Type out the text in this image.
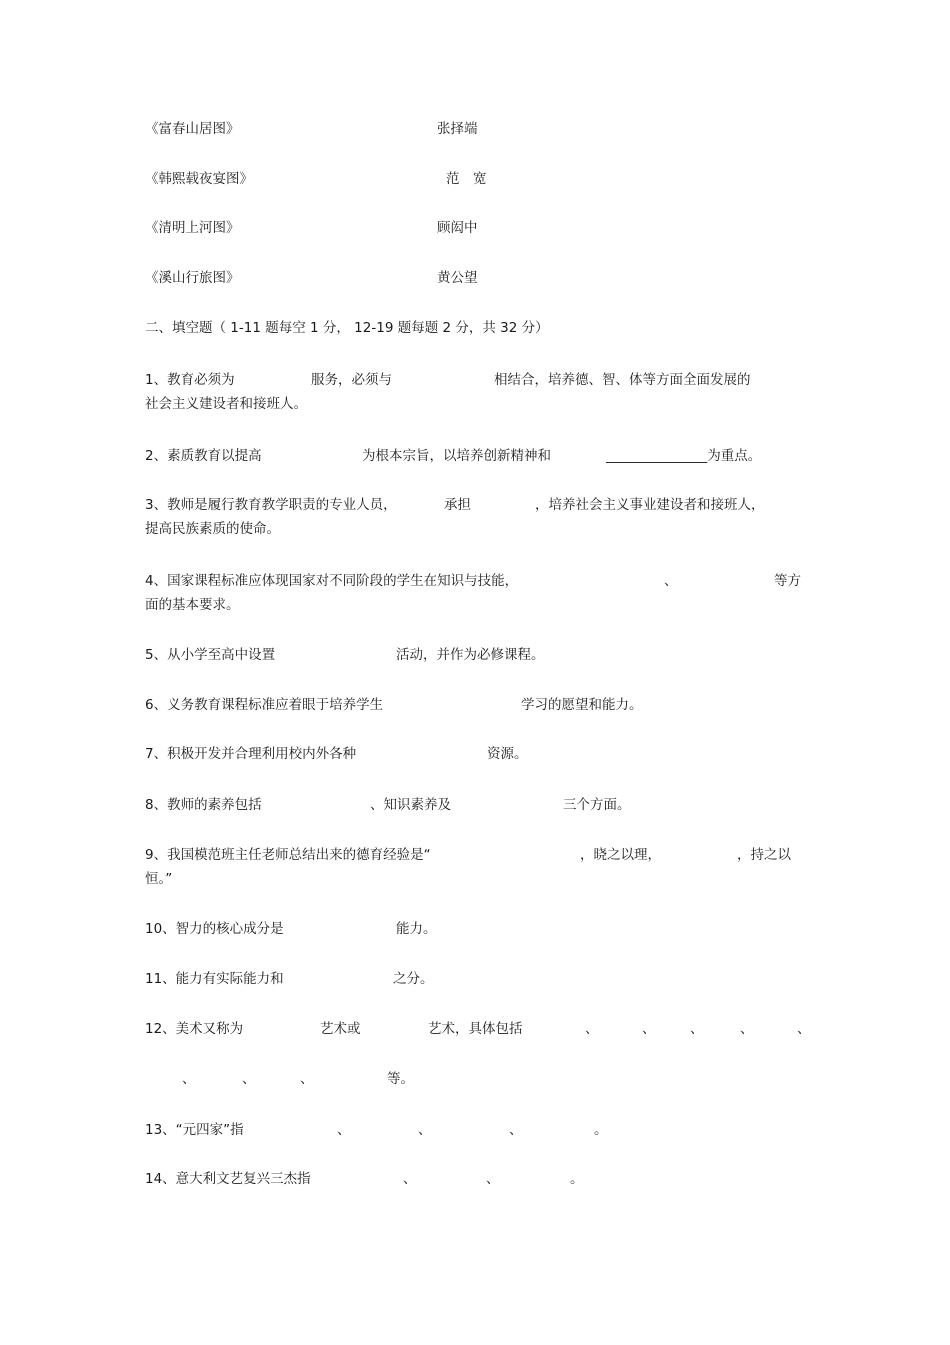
《富春山居图》	张择端
《韩熙载夜宴图》	范　宽
《清明上河图》	顾闳中
《溪山行旅图》	黄公望
二、填空题（ 1-11 题每空 1 分， 12-19 题每题 2 分，共 32 分）
1、教育必须为	服务，必须与	相结合，培养德、智、体等方面全面发展的
社会主义建设者和接班人。
2、素质教育以提高	为根本宗旨，以培养创新精神和	_______________为重点。
3、教师是履行教育教学职责的专业人员，	承担	，培养社会主义事业建设者和接班人，
提高民族素质的使命。
4、国家课程标准应体现国家对不同阶段的学生在知识与技能，	、	等方
面的基本要求。
5、从小学至高中设置	活动，并作为必修课程。
6、义务教育课程标准应着眼于培养学生	学习的愿望和能力。
7、积极开发并合理利用校内外各种	资源。
8、教师的素养包括	、知识素养及	三个方面。
9、我国模范班主任老师总结出来的德育经验是“	，晓之以理，	，持之以
恒。”
10、智力的核心成分是	能力。
11、能力有实际能力和	之分。
12、美术又称为	艺术或	艺术，具体包括	、	、	、	、	、
、	、	、	等。
13、“元四家”指	、	、	、	。
14、意大利文艺复兴三杰指	、	、	。
